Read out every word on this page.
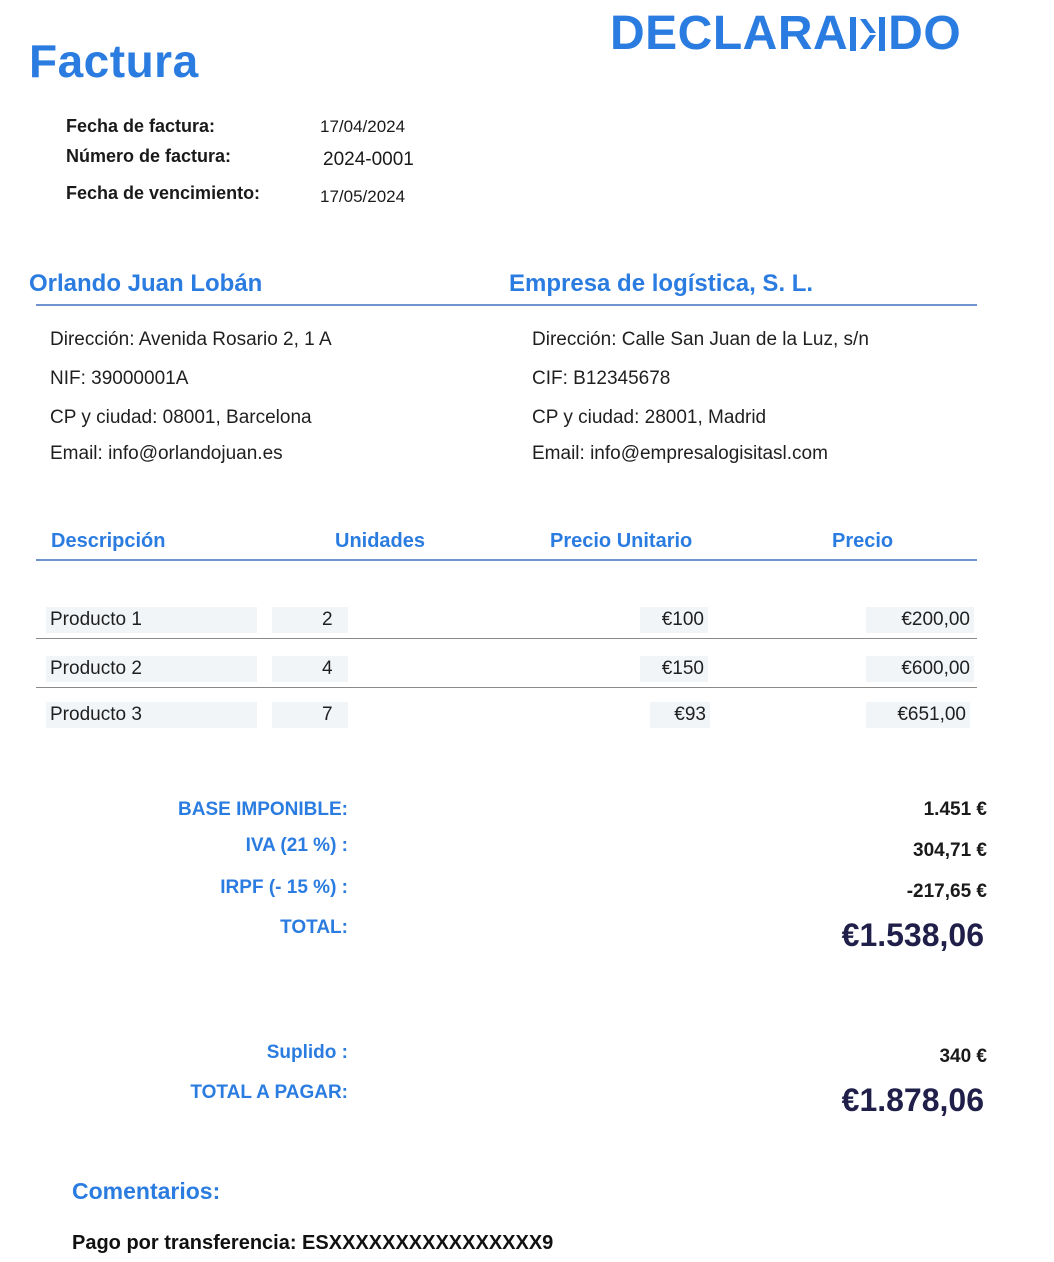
Factura
DECLARA DO
Fecha de factura:	17/04/2024
Número de factura:	2024-0001
Fecha de vencimiento:	17/05/2024
Orlando Juan Lobán	Empresa de logística, S. L.
Dirección: Avenida Rosario 2, 1 A
NIF: 39000001A
CP y ciudad: 08001, Barcelona
Email: info@orlandojuan.es
Dirección: Calle San Juan de la Luz, s/n
CIF: B12345678
CP y ciudad: 28001, Madrid
Email: info@empresalogisitasl.com
Descripción	Unidades	Precio Unitario	Precio
Producto 1	2	€100	€200,00
Producto 2	4	€150	€600,00
Producto 3	7	€93	€651,00
BASE IMPONIBLE:	1.451 €
IVA (21 %) :	304,71 €
IRPF (- 15 %) :	-217,65 €
TOTAL:	€1.538,06
Suplido :	340 €
TOTAL A PAGAR:	€1.878,06
Comentarios:
Pago por transferencia: ESXXXXXXXXXXXXXXXX9
